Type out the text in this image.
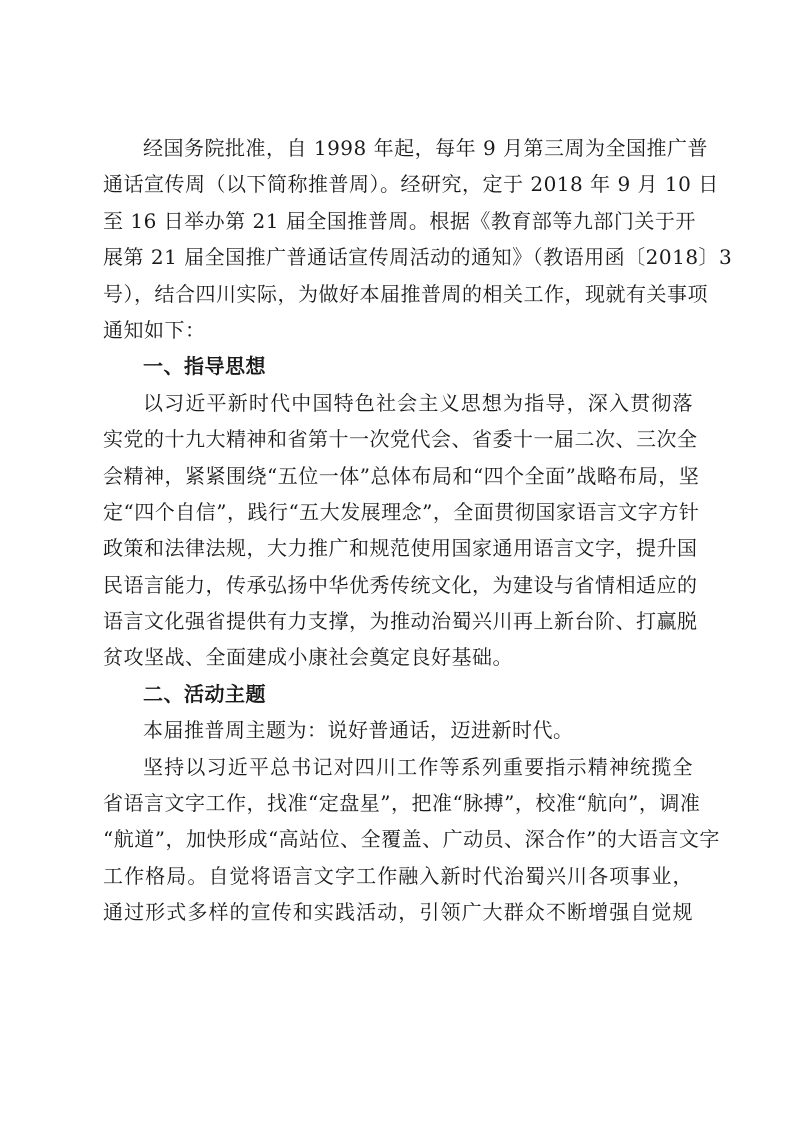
经国务院批准，自 1998 年起，每年 9 月第三周为全国推广普
通话宣传周（以下简称推普周）。经研究，定于 2018 年 9 月 10 日
至 16 日举办第 21 届全国推普周。根据《教育部等九部门关于开
展第 21 届全国推广普通话宣传周活动的通知》（教语用函〔2018〕3
号），结合四川实际，为做好本届推普周的相关工作，现就有关事项
通知如下：
一、指导思想
以习近平新时代中国特色社会主义思想为指导，深入贯彻落
实党的十九大精神和省第十一次党代会、省委十一届二次、三次全
会精神，紧紧围绕“五位一体”总体布局和“四个全面”战略布局，坚
定“四个自信”，践行“五大发展理念”，全面贯彻国家语言文字方针
政策和法律法规，大力推广和规范使用国家通用语言文字，提升国
民语言能力，传承弘扬中华优秀传统文化，为建设与省情相适应的
语言文化强省提供有力支撑，为推动治蜀兴川再上新台阶、打赢脱
贫攻坚战、全面建成小康社会奠定良好基础。
二、活动主题
本届推普周主题为：说好普通话，迈进新时代。
坚持以习近平总书记对四川工作等系列重要指示精神统揽全
省语言文字工作，找准“定盘星”，把准“脉搏”，校准“航向”，调准
“航道”，加快形成“高站位、全覆盖、广动员、深合作”的大语言文字
工作格局。自觉将语言文字工作融入新时代治蜀兴川各项事业，
通过形式多样的宣传和实践活动，引领广大群众不断增强自觉规
